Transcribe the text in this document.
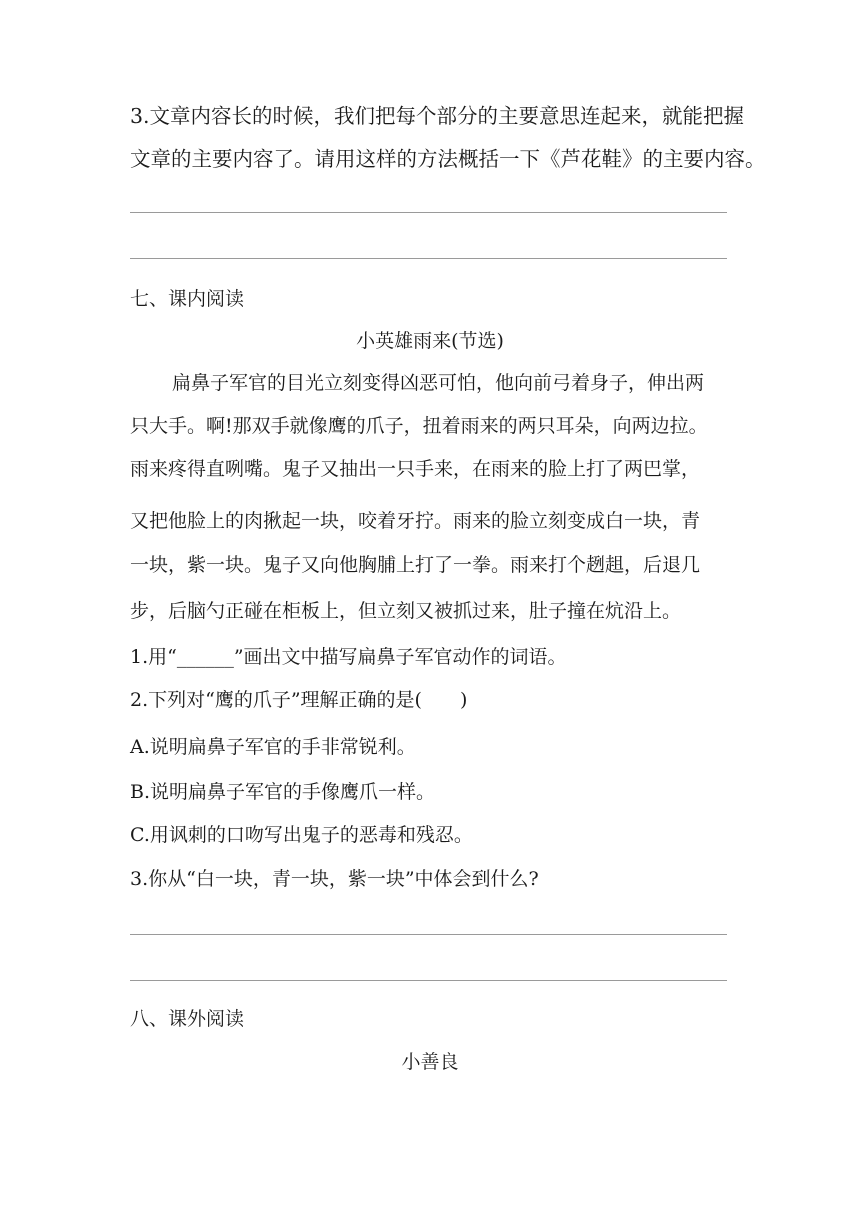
3.文章内容长的时候，我们把每个部分的主要意思连起来，就能把握
文章的主要内容了。请用这样的方法概括一下《芦花鞋》的主要内容。
七、课内阅读
小英雄雨来(节选)
扁鼻子军官的目光立刻变得凶恶可怕，他向前弓着身子，伸出两
只大手。啊!那双手就像鹰的爪子，扭着雨来的两只耳朵，向两边拉。
雨来疼得直咧嘴。鬼子又抽出一只手来，在雨来的脸上打了两巴掌，
又把他脸上的肉揪起一块，咬着牙拧。雨来的脸立刻变成白一块，青
一块，紫一块。鬼子又向他胸脯上打了一拳。雨来打个趔趄，后退几
步，后脑勺正碰在柜板上，但立刻又被抓过来，肚子撞在炕沿上。
1.用“______”画出文中描写扁鼻子军官动作的词语。
2.下列对“鹰的爪子”理解正确的是(　　)
A.说明扁鼻子军官的手非常锐利。
B.说明扁鼻子军官的手像鹰爪一样。
C.用讽刺的口吻写出鬼子的恶毒和残忍。
3.你从“白一块，青一块，紫一块”中体会到什么?
八、课外阅读
小善良
